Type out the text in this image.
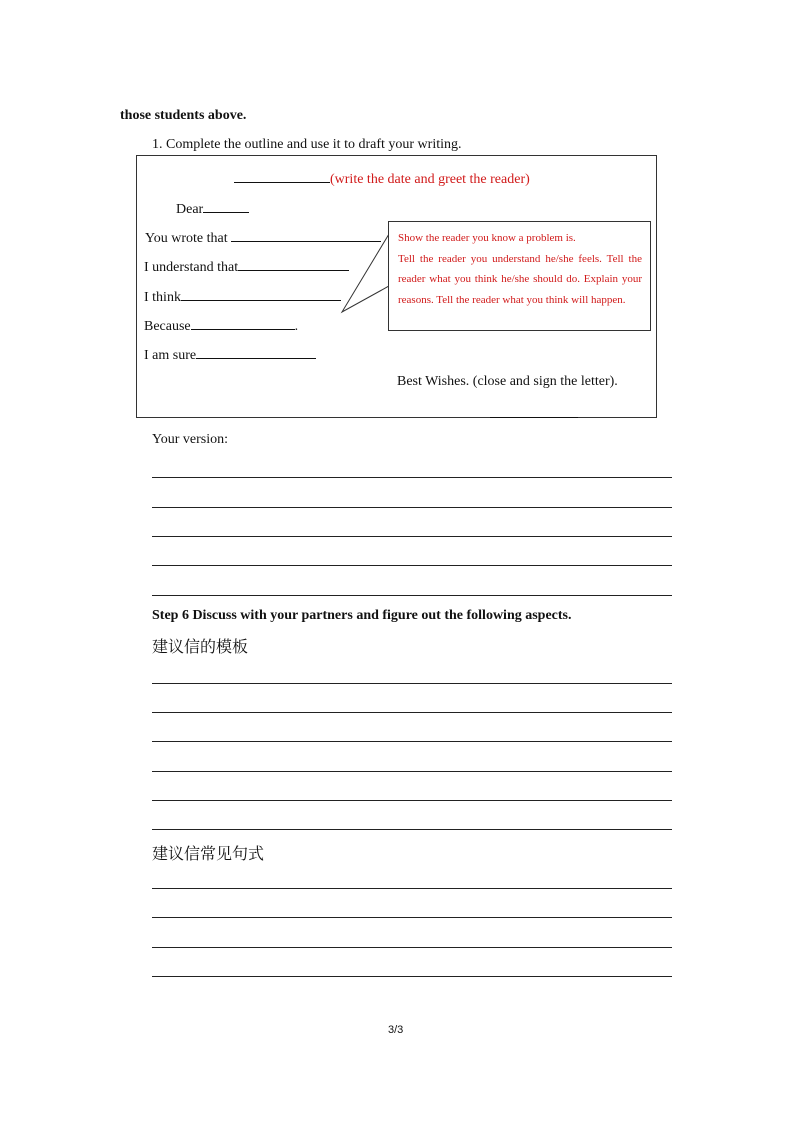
those students above.
1. Complete the outline and use it to draft your writing.
(write the date and greet the reader)
Dear
You wrote that
I understand that
I think
Because	.
I am sure
Best Wishes. (close and sign the letter).

Show the reader you know a problem is.

Tell the reader you understand he/she feels. Tell the reader what you think he/she should do. Explain your reasons. Tell the reader what you think will happen.

Your version:
Step 6 Discuss with your partners and figure out the following aspects.
建议信的模板
建议信常见句式
3/3
